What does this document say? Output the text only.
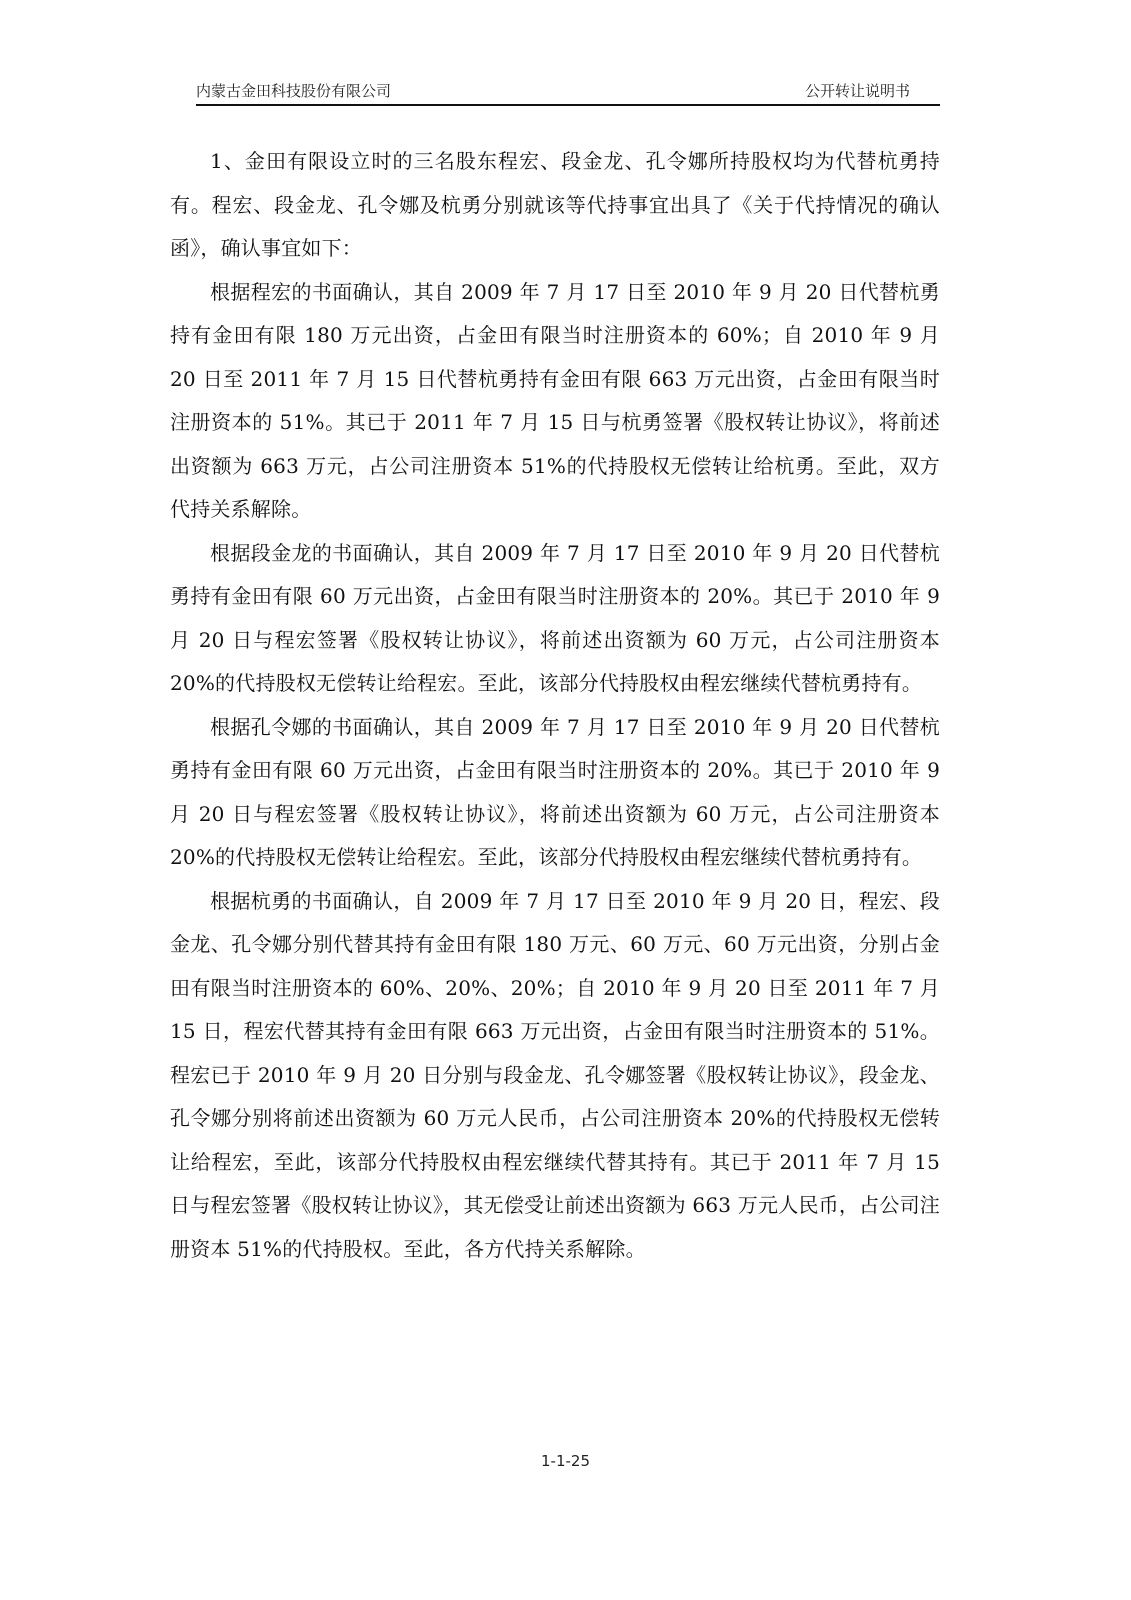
内蒙古金田科技股份有限公司	公开转让说明书

1、金田有限设立时的三名股东程宏、段金龙、孔令娜所持股权均为代替杭勇持有。程宏、段金龙、孔令娜及杭勇分别就该等代持事宜出具了《关于代持情况的确认函》，确认事宜如下：

根据程宏的书面确认，其自 2009 年 7 月 17 日至 2010 年 9 月 20 日代替杭勇持有金田有限 180 万元出资，占金田有限当时注册资本的 60%；自 2010 年 9 月 20 日至 2011 年 7 月 15 日代替杭勇持有金田有限 663 万元出资，占金田有限当时注册资本的 51%。其已于 2011 年 7 月 15 日与杭勇签署《股权转让协议》，将前述出资额为 663 万元，占公司注册资本 51%的代持股权无偿转让给杭勇。至此，双方代持关系解除。

根据段金龙的书面确认，其自 2009 年 7 月 17 日至 2010 年 9 月 20 日代替杭勇持有金田有限 60 万元出资，占金田有限当时注册资本的 20%。其已于 2010 年 9 月 20 日与程宏签署《股权转让协议》，将前述出资额为 60 万元，占公司注册资本 20%的代持股权无偿转让给程宏。至此，该部分代持股权由程宏继续代替杭勇持有。

根据孔令娜的书面确认，其自 2009 年 7 月 17 日至 2010 年 9 月 20 日代替杭勇持有金田有限 60 万元出资，占金田有限当时注册资本的 20%。其已于 2010 年 9 月 20 日与程宏签署《股权转让协议》，将前述出资额为 60 万元，占公司注册资本 20%的代持股权无偿转让给程宏。至此，该部分代持股权由程宏继续代替杭勇持有。

根据杭勇的书面确认，自 2009 年 7 月 17 日至 2010 年 9 月 20 日，程宏、段金龙、孔令娜分别代替其持有金田有限 180 万元、60 万元、60 万元出资，分别占金田有限当时注册资本的 60%、20%、20%；自 2010 年 9 月 20 日至 2011 年 7 月 15 日，程宏代替其持有金田有限 663 万元出资，占金田有限当时注册资本的 51%。程宏已于 2010 年 9 月 20 日分别与段金龙、孔令娜签署《股权转让协议》，段金龙、孔令娜分别将前述出资额为 60 万元人民币，占公司注册资本 20%的代持股权无偿转让给程宏，至此，该部分代持股权由程宏继续代替其持有。其已于 2011 年 7 月 15 日与程宏签署《股权转让协议》，其无偿受让前述出资额为 663 万元人民币，占公司注册资本 51%的代持股权。至此，各方代持关系解除。

1-1-25
